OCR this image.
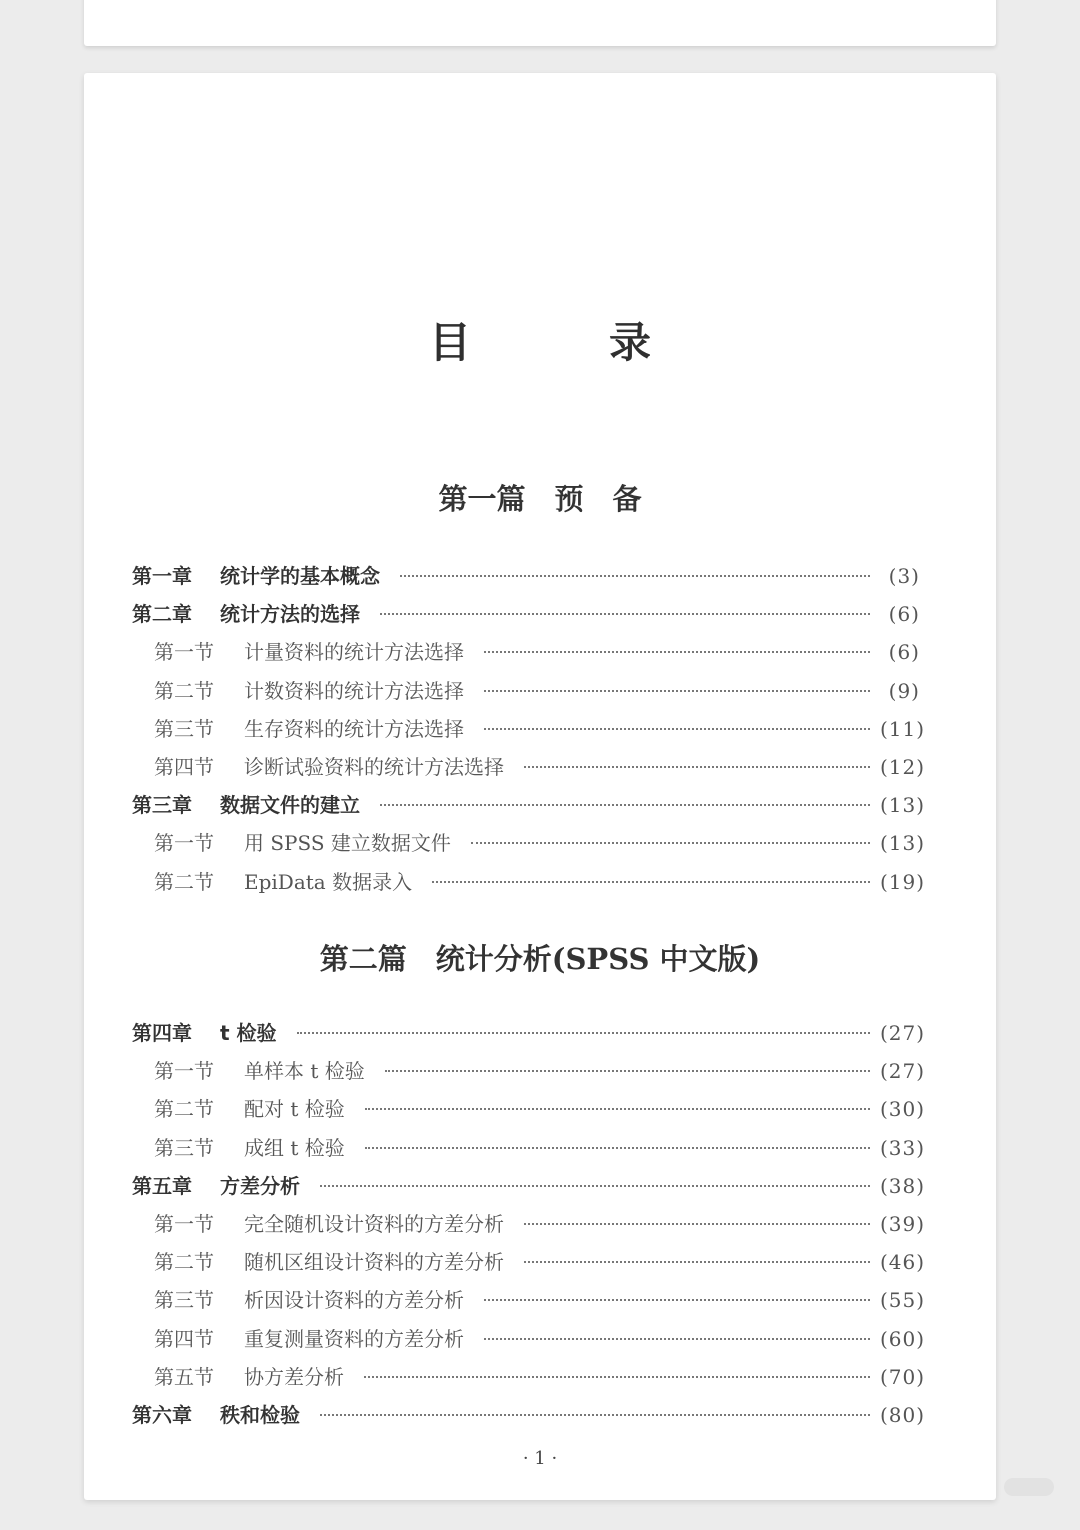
目　录
第一篇　预　备
第一章	统计学的基本概念	(3)
第二章	统计方法的选择	(6)
第一节	计量资料的统计方法选择	(6)
第二节	计数资料的统计方法选择	(9)
第三节	生存资料的统计方法选择	(11)
第四节	诊断试验资料的统计方法选择	(12)
第三章	数据文件的建立	(13)
第一节	用 SPSS 建立数据文件	(13)
第二节	EpiData 数据录入	(19)
第二篇　统计分析(SPSS 中文版)
第四章	t 检验	(27)
第一节	单样本 t 检验	(27)
第二节	配对 t 检验	(30)
第三节	成组 t 检验	(33)
第五章	方差分析	(38)
第一节	完全随机设计资料的方差分析	(39)
第二节	随机区组设计资料的方差分析	(46)
第三节	析因设计资料的方差分析	(55)
第四节	重复测量资料的方差分析	(60)
第五节	协方差分析	(70)
第六章	秩和检验	(80)
· 1 ·
